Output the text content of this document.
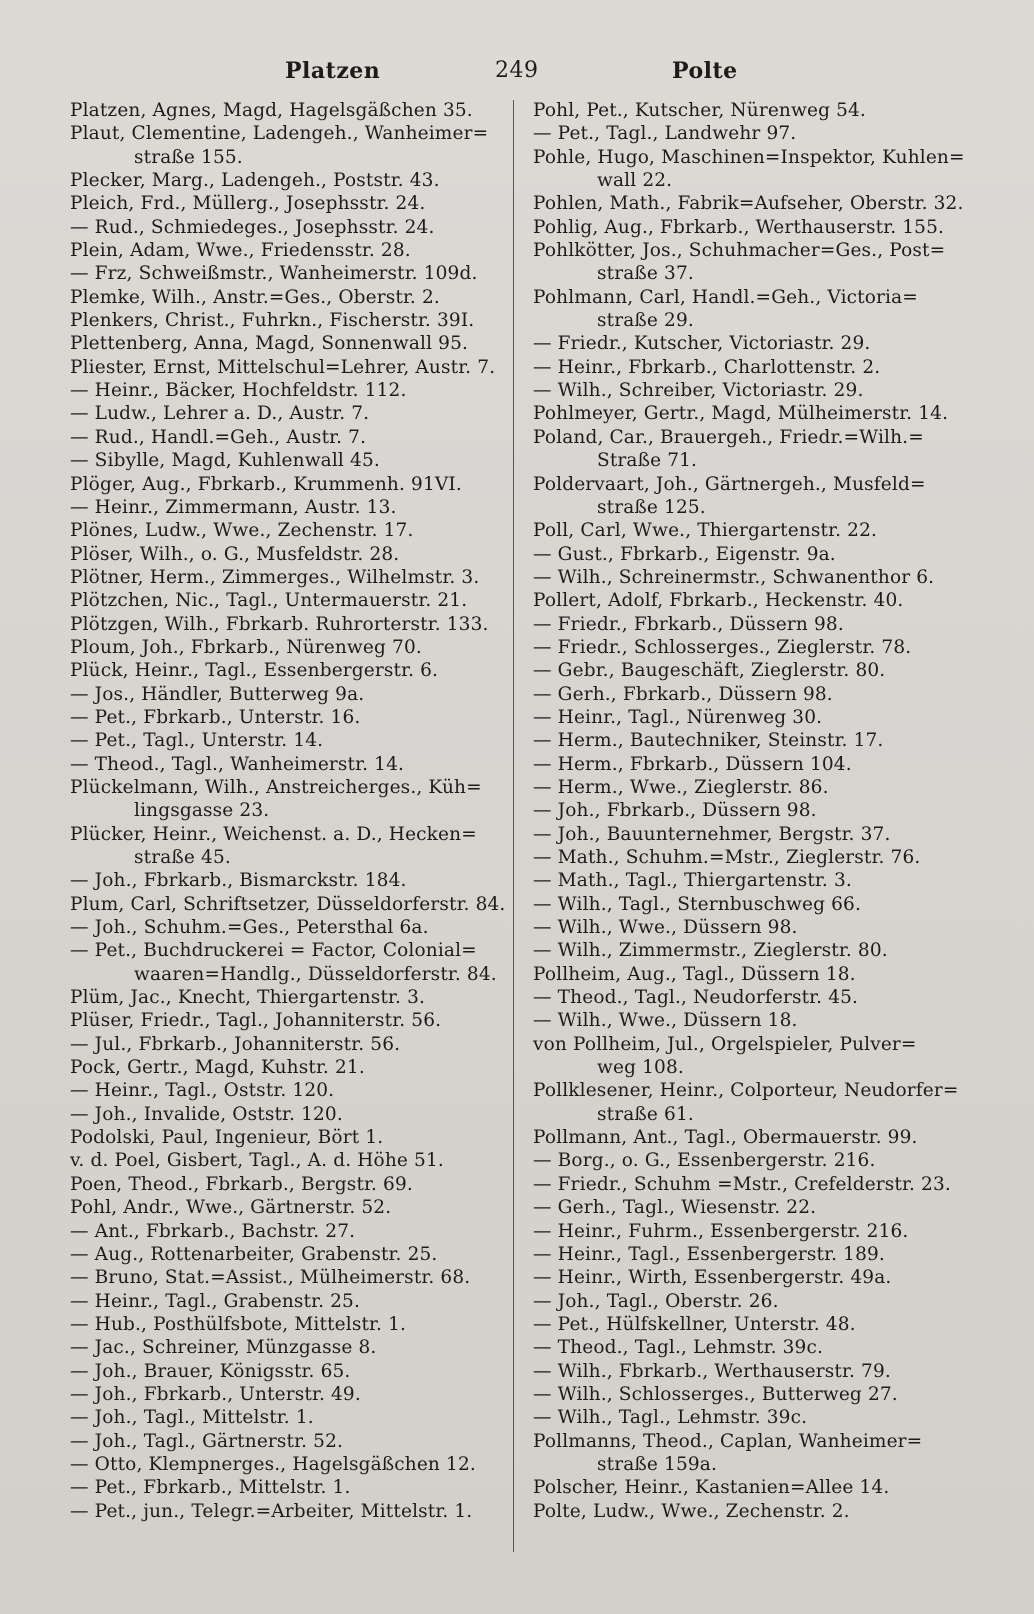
Platzen	249	Polte
Platzen, Agnes, Magd, Hagelsgäßchen 35.
Plaut, Clementine, Ladengeh., Wanheimer=
straße 155.
Plecker, Marg., Ladengeh., Poststr. 43.
Pleich, Frd., Müllerg., Josephsstr. 24.
— Rud., Schmiedeges., Josephsstr. 24.
Plein, Adam, Wwe., Friedensstr. 28.
— Frz, Schweißmstr., Wanheimerstr. 109d.
Plemke, Wilh., Anstr.=Ges., Oberstr. 2.
Plenkers, Christ., Fuhrkn., Fischerstr. 39I.
Plettenberg, Anna, Magd, Sonnenwall 95.
Pliester, Ernst, Mittelschul=Lehrer, Austr. 7.
— Heinr., Bäcker, Hochfeldstr. 112.
— Ludw., Lehrer a. D., Austr. 7.
— Rud., Handl.=Geh., Austr. 7.
— Sibylle, Magd, Kuhlenwall 45.
Plöger, Aug., Fbrkarb., Krummenh. 91VI.
— Heinr., Zimmermann, Austr. 13.
Plönes, Ludw., Wwe., Zechenstr. 17.
Plöser, Wilh., o. G., Musfeldstr. 28.
Plötner, Herm., Zimmerges., Wilhelmstr. 3.
Plötzchen, Nic., Tagl., Untermauerstr. 21.
Plötzgen, Wilh., Fbrkarb. Ruhrorterstr. 133.
Ploum, Joh., Fbrkarb., Nürenweg 70.
Plück, Heinr., Tagl., Essenbergerstr. 6.
— Jos., Händler, Butterweg 9a.
— Pet., Fbrkarb., Unterstr. 16.
— Pet., Tagl., Unterstr. 14.
— Theod., Tagl., Wanheimerstr. 14.
Plückelmann, Wilh., Anstreicherges., Küh=
lingsgasse 23.
Plücker, Heinr., Weichenst. a. D., Hecken=
straße 45.
— Joh., Fbrkarb., Bismarckstr. 184.
Plum, Carl, Schriftsetzer, Düsseldorferstr. 84.
— Joh., Schuhm.=Ges., Petersthal 6a.
— Pet., Buchdruckerei = Factor, Colonial=
waaren=Handlg., Düsseldorferstr. 84.
Plüm, Jac., Knecht, Thiergartenstr. 3.
Plüser, Friedr., Tagl., Johanniterstr. 56.
— Jul., Fbrkarb., Johanniterstr. 56.
Pock, Gertr., Magd, Kuhstr. 21.
— Heinr., Tagl., Oststr. 120.
— Joh., Invalide, Oststr. 120.
Podolski, Paul, Ingenieur, Bört 1.
v. d. Poel, Gisbert, Tagl., A. d. Höhe 51.
Poen, Theod., Fbrkarb., Bergstr. 69.
Pohl, Andr., Wwe., Gärtnerstr. 52.
— Ant., Fbrkarb., Bachstr. 27.
— Aug., Rottenarbeiter, Grabenstr. 25.
— Bruno, Stat.=Assist., Mülheimerstr. 68.
— Heinr., Tagl., Grabenstr. 25.
— Hub., Posthülfsbote, Mittelstr. 1.
— Jac., Schreiner, Münzgasse 8.
— Joh., Brauer, Königsstr. 65.
— Joh., Fbrkarb., Unterstr. 49.
— Joh., Tagl., Mittelstr. 1.
— Joh., Tagl., Gärtnerstr. 52.
— Otto, Klempnerges., Hagelsgäßchen 12.
— Pet., Fbrkarb., Mittelstr. 1.
— Pet., jun., Telegr.=Arbeiter, Mittelstr. 1.
Pohl, Pet., Kutscher, Nürenweg 54.
— Pet., Tagl., Landwehr 97.
Pohle, Hugo, Maschinen=Inspektor, Kuhlen=
wall 22.
Pohlen, Math., Fabrik=Aufseher, Oberstr. 32.
Pohlig, Aug., Fbrkarb., Werthauserstr. 155.
Pohlkötter, Jos., Schuhmacher=Ges., Post=
straße 37.
Pohlmann, Carl, Handl.=Geh., Victoria=
straße 29.
— Friedr., Kutscher, Victoriastr. 29.
— Heinr., Fbrkarb., Charlottenstr. 2.
— Wilh., Schreiber, Victoriastr. 29.
Pohlmeyer, Gertr., Magd, Mülheimerstr. 14.
Poland, Car., Brauergeh., Friedr.=Wilh.=
Straße 71.
Poldervaart, Joh., Gärtnergeh., Musfeld=
straße 125.
Poll, Carl, Wwe., Thiergartenstr. 22.
— Gust., Fbrkarb., Eigenstr. 9a.
— Wilh., Schreinermstr., Schwanenthor 6.
Pollert, Adolf, Fbrkarb., Heckenstr. 40.
— Friedr., Fbrkarb., Düssern 98.
— Friedr., Schlosserges., Zieglerstr. 78.
— Gebr., Baugeschäft, Zieglerstr. 80.
— Gerh., Fbrkarb., Düssern 98.
— Heinr., Tagl., Nürenweg 30.
— Herm., Bautechniker, Steinstr. 17.
— Herm., Fbrkarb., Düssern 104.
— Herm., Wwe., Zieglerstr. 86.
— Joh., Fbrkarb., Düssern 98.
— Joh., Bauunternehmer, Bergstr. 37.
— Math., Schuhm.=Mstr., Zieglerstr. 76.
— Math., Tagl., Thiergartenstr. 3.
— Wilh., Tagl., Sternbuschweg 66.
— Wilh., Wwe., Düssern 98.
— Wilh., Zimmermstr., Zieglerstr. 80.
Pollheim, Aug., Tagl., Düssern 18.
— Theod., Tagl., Neudorferstr. 45.
— Wilh., Wwe., Düssern 18.
von Pollheim, Jul., Orgelspieler, Pulver=
weg 108.
Pollklesener, Heinr., Colporteur, Neudorfer=
straße 61.
Pollmann, Ant., Tagl., Obermauerstr. 99.
— Borg., o. G., Essenbergerstr. 216.
— Friedr., Schuhm =Mstr., Crefelderstr. 23.
— Gerh., Tagl., Wiesenstr. 22.
— Heinr., Fuhrm., Essenbergerstr. 216.
— Heinr., Tagl., Essenbergerstr. 189.
— Heinr., Wirth, Essenbergerstr. 49a.
— Joh., Tagl., Oberstr. 26.
— Pet., Hülfskellner, Unterstr. 48.
— Theod., Tagl., Lehmstr. 39c.
— Wilh., Fbrkarb., Werthauserstr. 79.
— Wilh., Schlosserges., Butterweg 27.
— Wilh., Tagl., Lehmstr. 39c.
Pollmanns, Theod., Caplan, Wanheimer=
straße 159a.
Polscher, Heinr., Kastanien=Allee 14.
Polte, Ludw., Wwe., Zechenstr. 2.
